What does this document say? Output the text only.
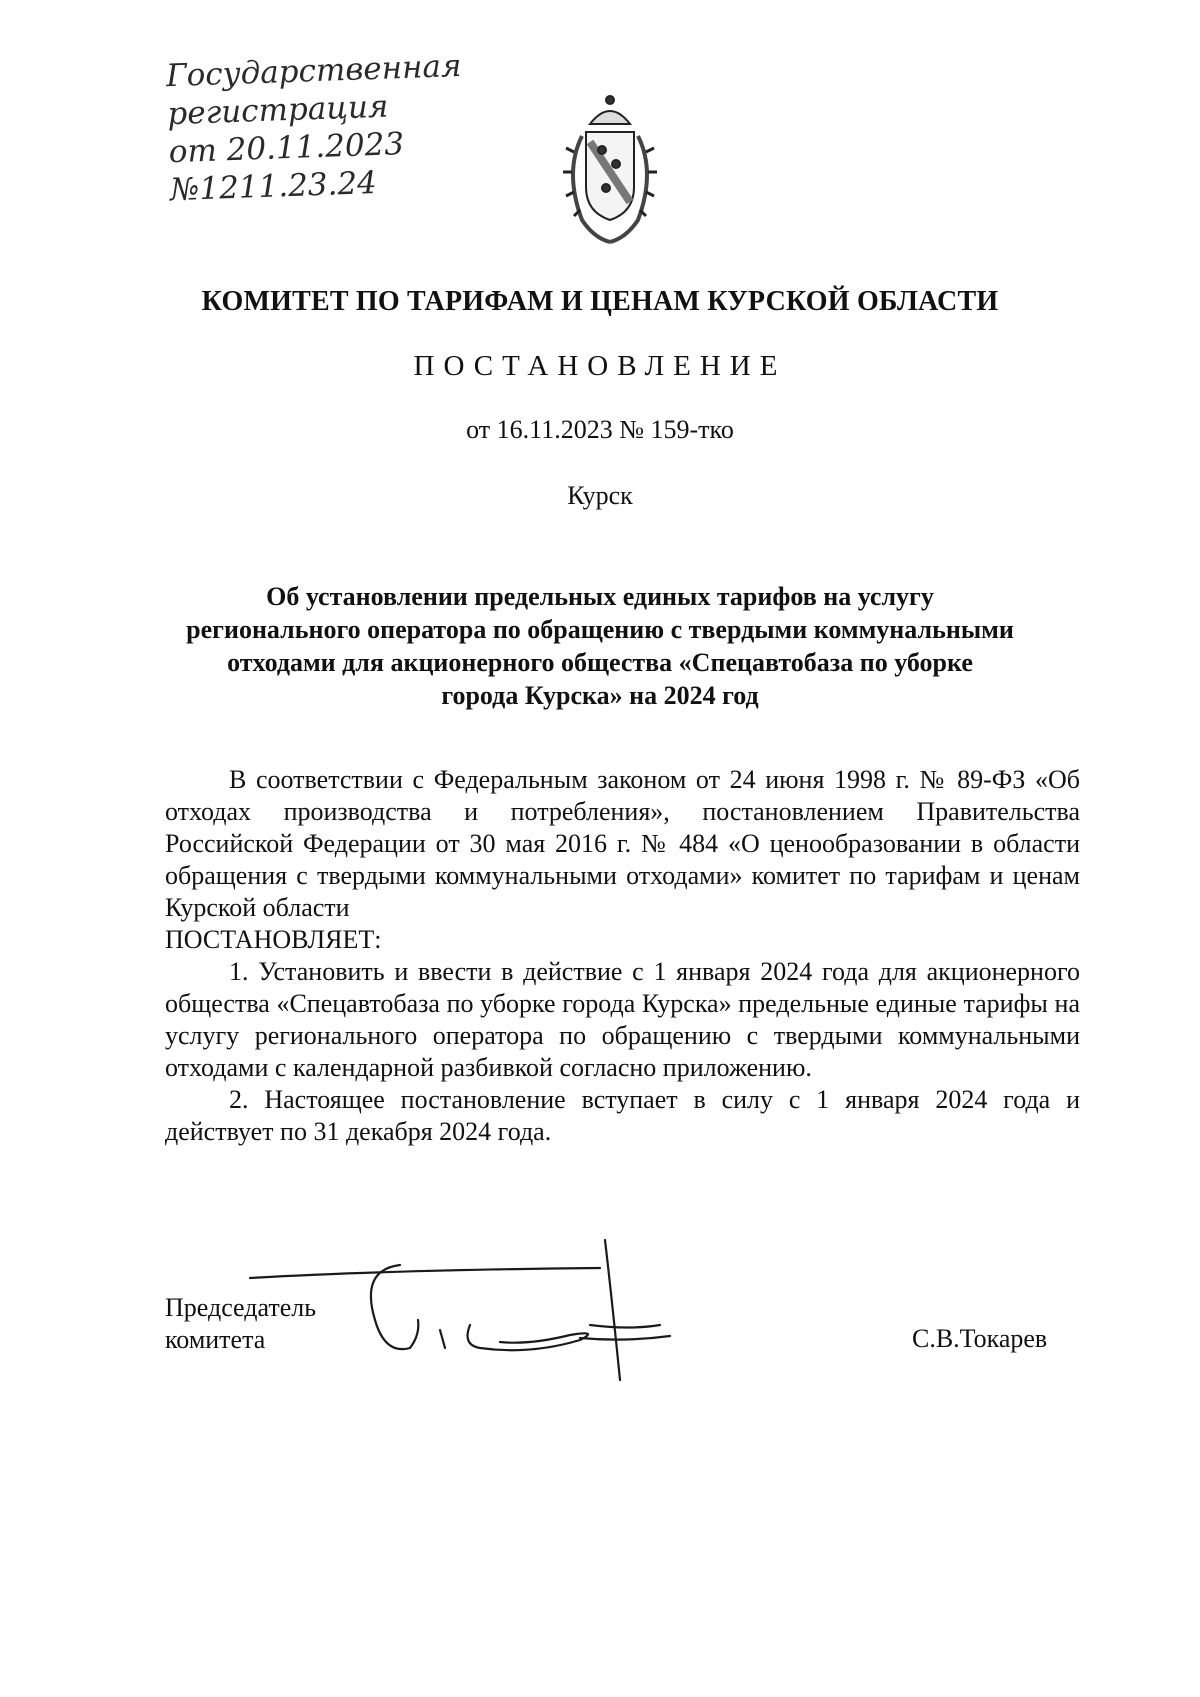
Государственная
регистрация
от 20.11.2023
№1211.23.24
КОМИТЕТ ПО ТАРИФАМ И ЦЕНАМ КУРСКОЙ ОБЛАСТИ
ПОСТАНОВЛЕНИЕ
от 16.11.2023 № 159-тко
Курск
Об установлении предельных единых тарифов на услугу
регионального оператора по обращению с твердыми коммунальными
отходами для акционерного общества «Спецавтобаза по уборке
города Курска» на 2024 год

В соответствии с Федеральным законом от 24 июня 1998 г. № 89-ФЗ «Об отходах производства и потребления», постановлением Правительства Российской Федерации от 30 мая 2016 г. № 484 «О ценообразовании в области обращения с твердыми коммунальными отходами» комитет по тарифам и ценам Курской области

ПОСТАНОВЛЯЕТ:

1. Установить и ввести в действие с 1 января 2024 года для акционерного общества «Спецавтобаза по уборке города Курска» предельные единые тарифы на услугу регионального оператора по обращению с твердыми коммунальными отходами с календарной разбивкой согласно приложению.

2. Настоящее постановление вступает в силу с 1 января 2024 года и действует по 31 декабря 2024 года.

Председатель
комитета	С.В.Токарев
